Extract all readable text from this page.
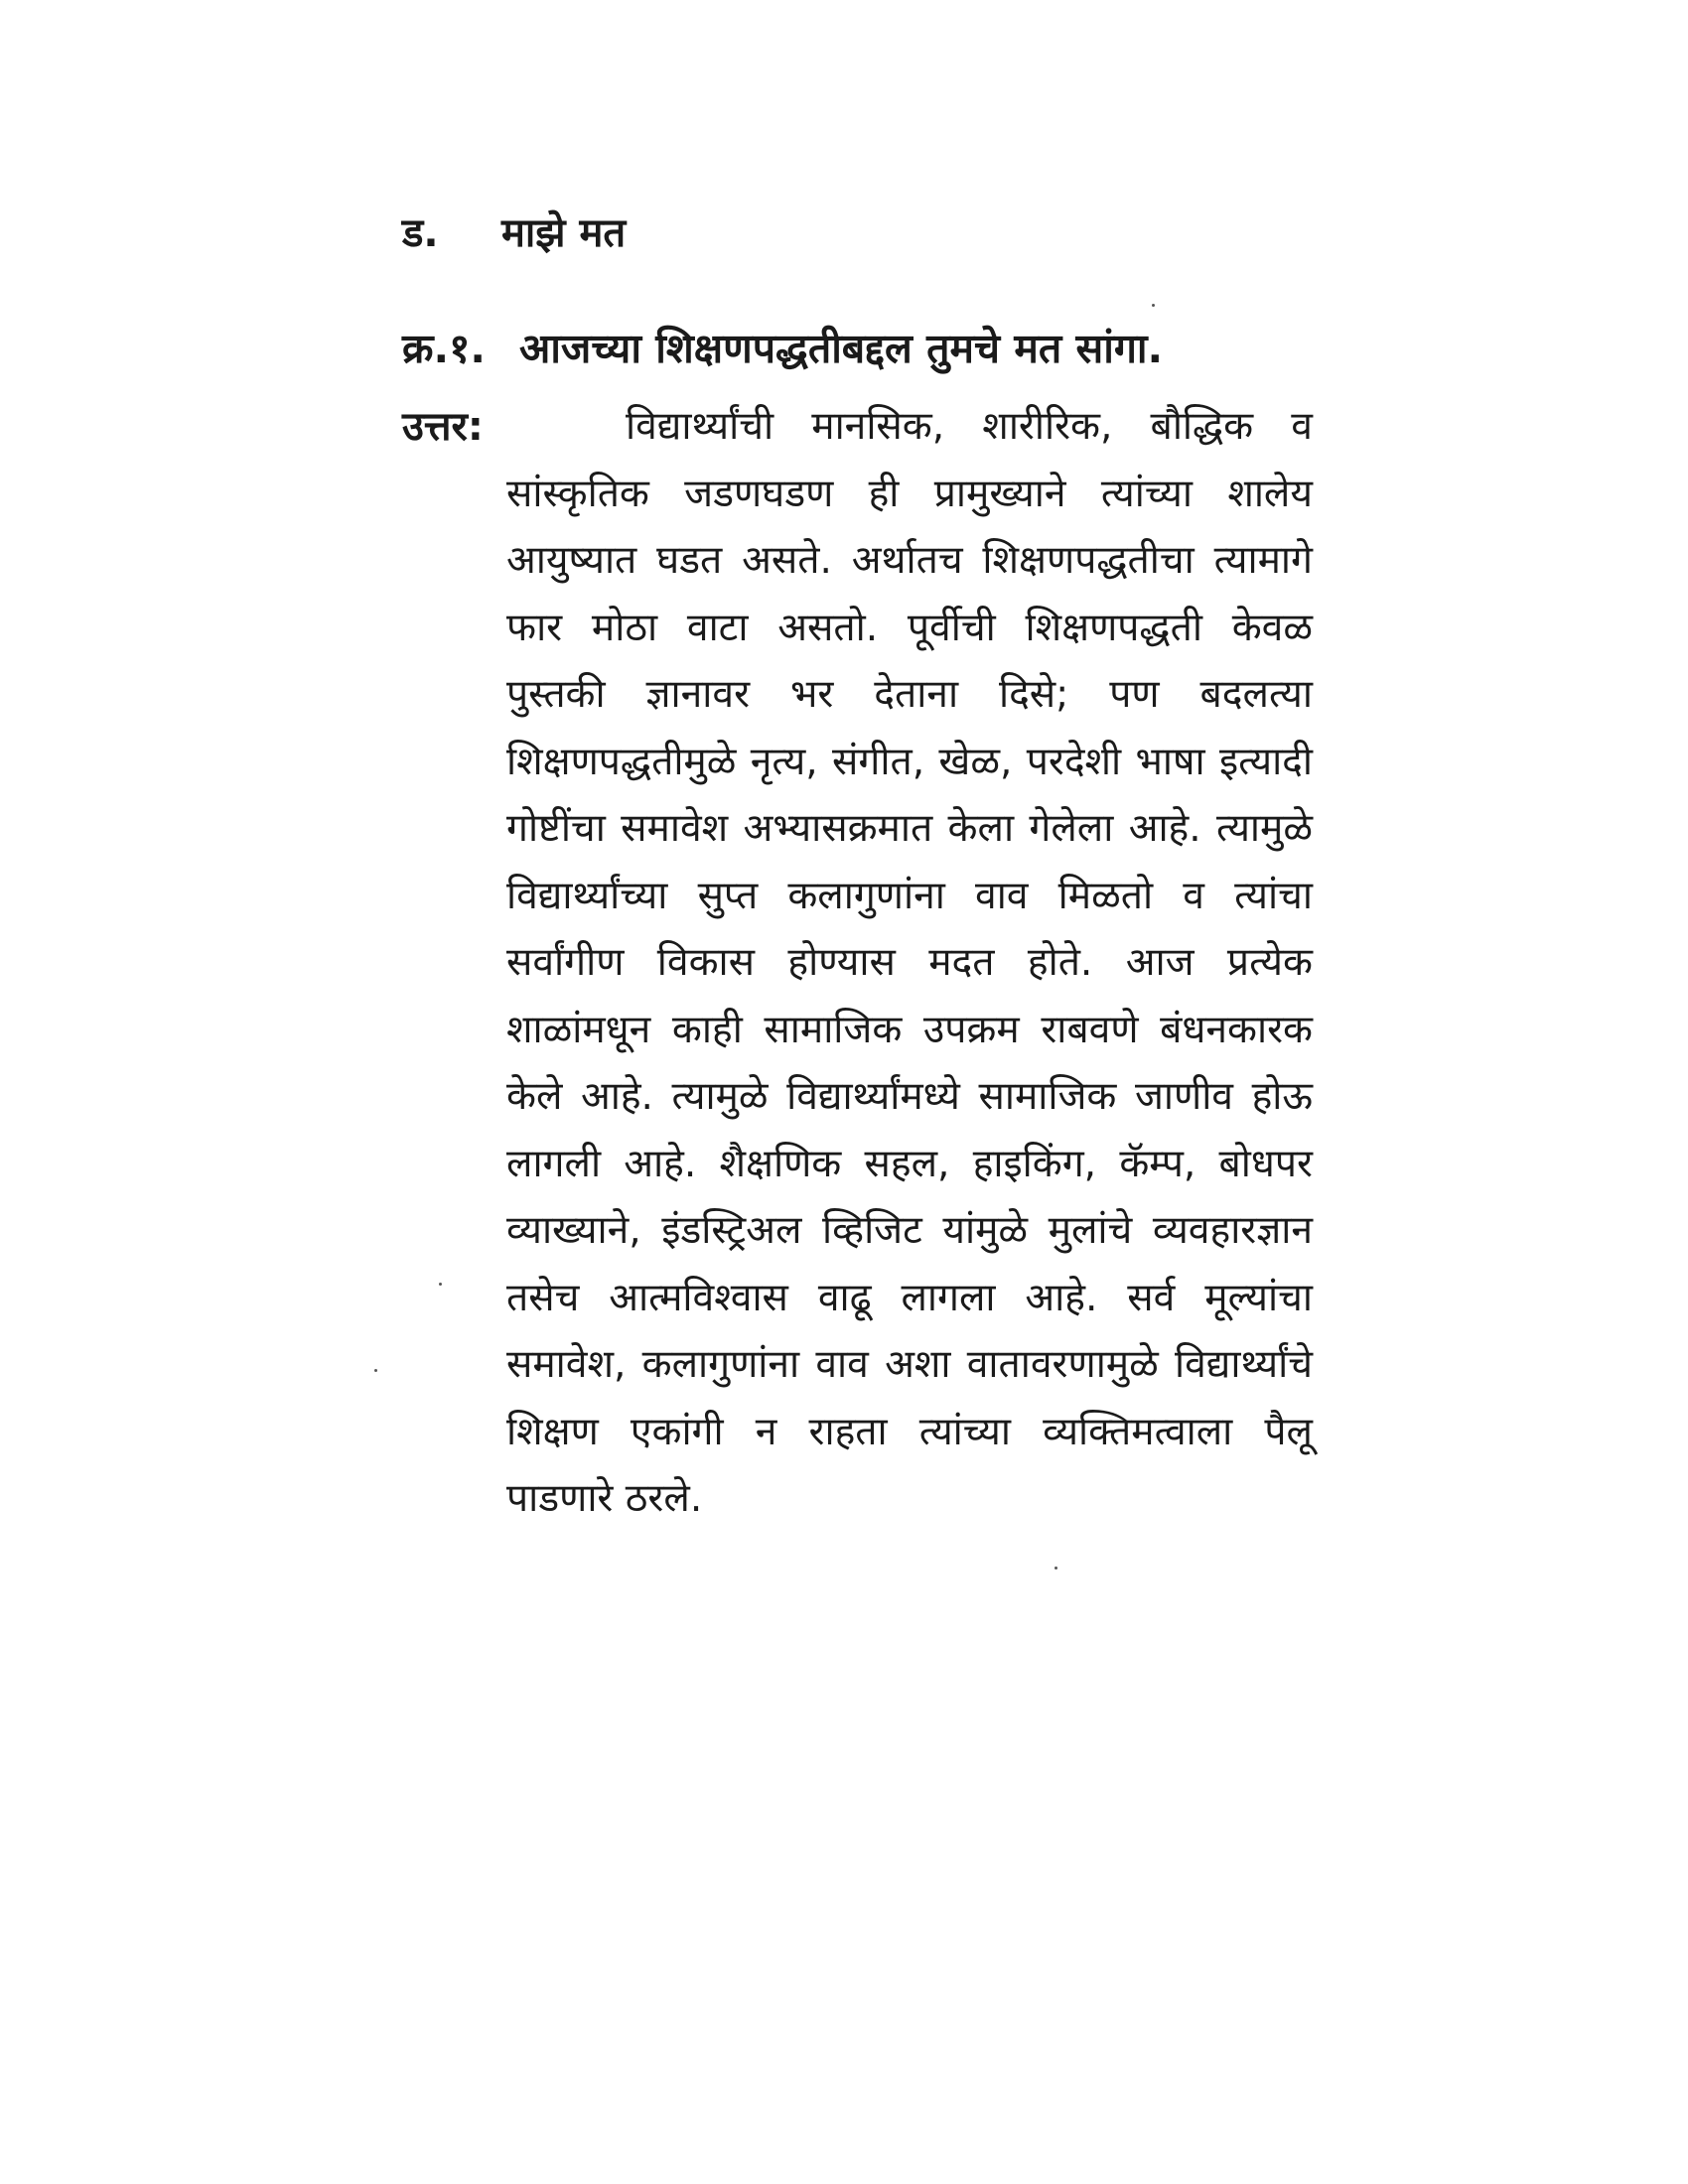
ड. माझे मत
क्र.१. आजच्या शिक्षणपद्धतीबद्दल तुमचे मत सांगा.
उत्तर:	विद्यार्थ्यांची मानसिक, शारीरिक, बौद्धिक व सांस्कृतिक जडणघडण ही प्रामुख्याने त्यांच्या शालेय आयुष्यात घडत असते. अर्थातच शिक्षणपद्धतीचा त्यामागे फार मोठा वाटा असतो. पूर्वीची शिक्षणपद्धती केवळ पुस्तकी ज्ञानावर भर देताना दिसे; पण बदलत्या शिक्षणपद्धतीमुळे नृत्य, संगीत, खेळ, परदेशी भाषा इत्यादी गोष्टींचा समावेश अभ्यासक्रमात केला गेलेला आहे. त्यामुळे विद्यार्थ्यांच्या सुप्त कलागुणांना वाव मिळतो व त्यांचा सर्वांगीण विकास होण्यास मदत होते. आज प्रत्येक शाळांमधून काही सामाजिक उपक्रम राबवणे बंधनकारक केले आहे. त्यामुळे विद्यार्थ्यांमध्ये सामाजिक जाणीव होऊ लागली आहे. शैक्षणिक सहल, हाइकिंग, कॅम्प, बोधपर व्याख्याने, इंडस्ट्रिअल व्हिजिट यांमुळे मुलांचे व्यवहारज्ञान तसेच आत्मविश्वास वाढू लागला आहे. सर्व मूल्यांचा समावेश, कलागुणांना वाव अशा वातावरणामुळे विद्यार्थ्यांचे शिक्षण एकांगी न राहता त्यांच्या व्यक्तिमत्वाला पैलू पाडणारे ठरले.
